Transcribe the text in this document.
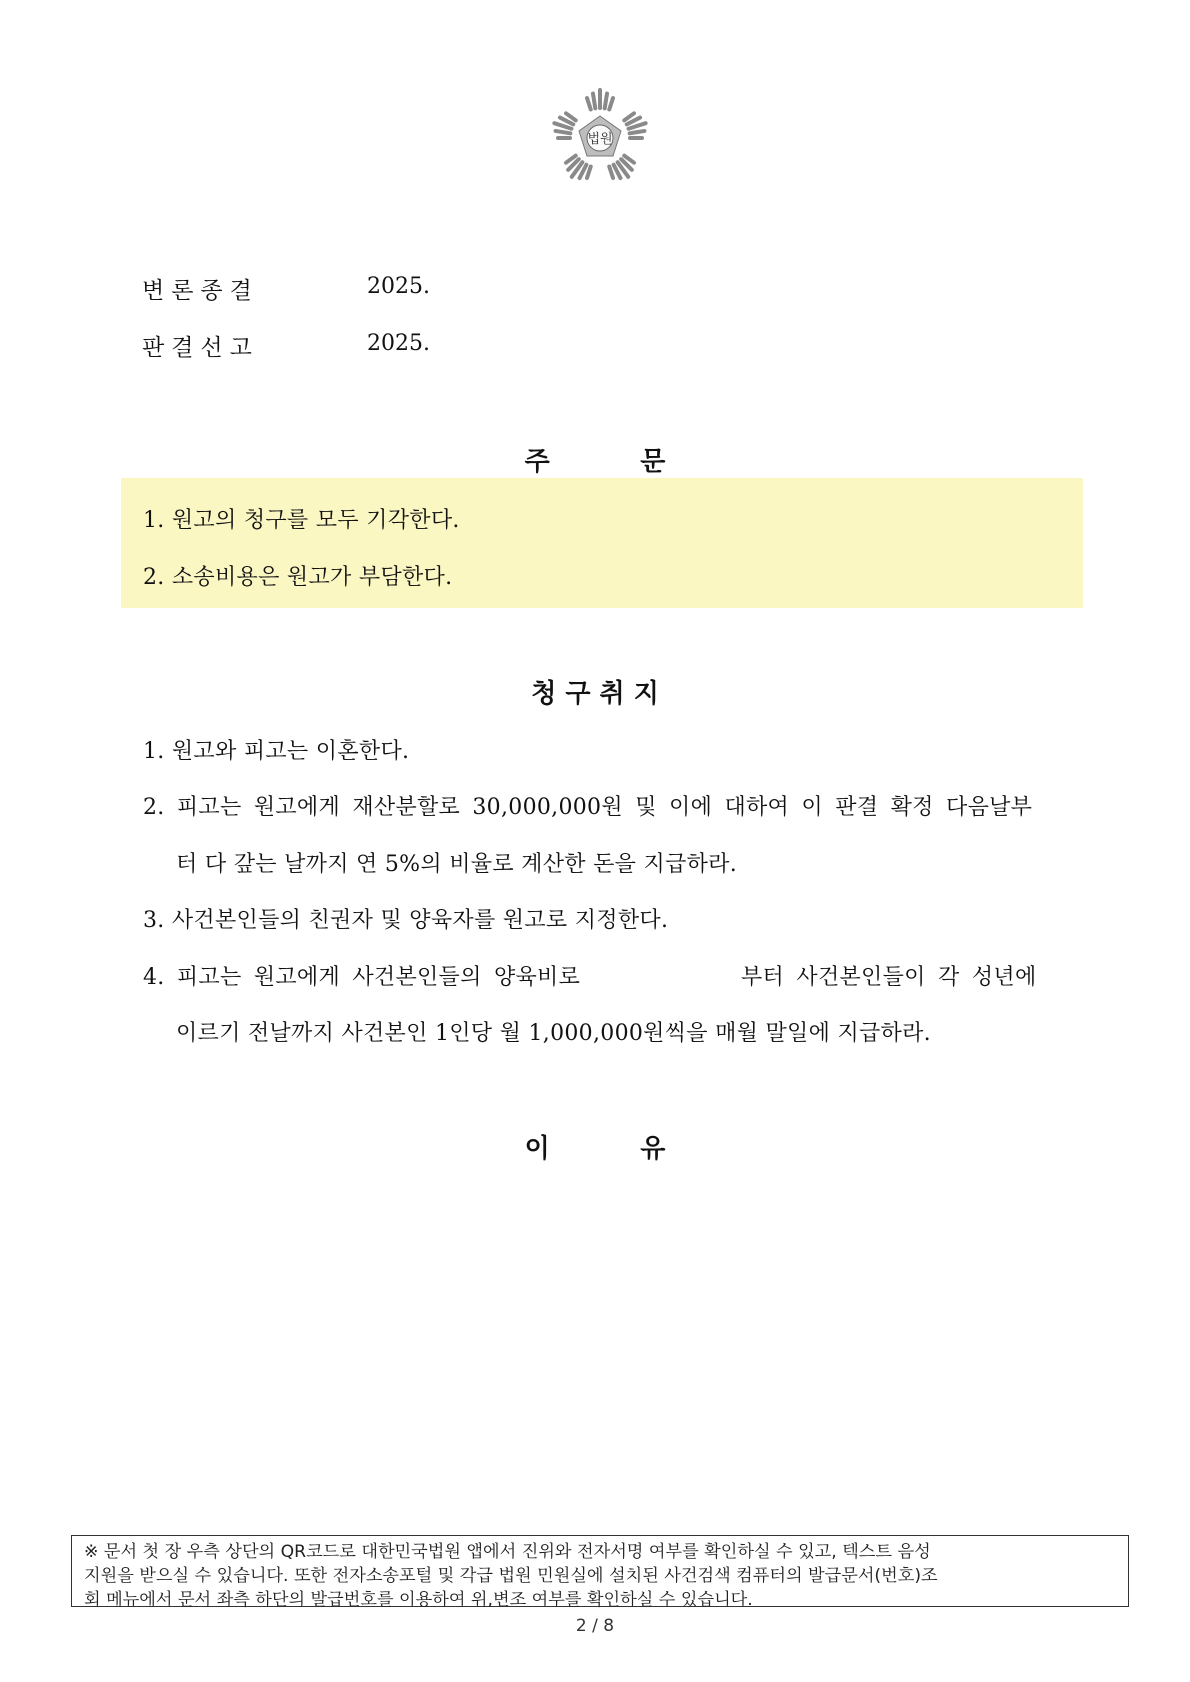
법원
변론종결	2025.
판결선고	2025.
주          문
1. 원고의 청구를 모두 기각한다.
2. 소송비용은 원고가 부담한다.
청 구 취 지
1. 원고와 피고는 이혼한다.
2. 피고는 원고에게 재산분할로 30,000,000원 및 이에 대하여 이 판결 확정 다음날부
터 다 갚는 날까지 연 5%의 비율로 계산한 돈을 지급하라.
3. 사건본인들의 친권자 및 양육자를 원고로 지정한다.
4. 피고는 원고에게 사건본인들의 양육비로	부터 사건본인들이 각 성년에
이르기 전날까지 사건본인 1인당 월 1,000,000원씩을 매월 말일에 지급하라.
이          유
※ 문서 첫 장 우측 상단의 QR코드로 대한민국법원 앱에서 진위와 전자서명 여부를 확인하실 수 있고, 텍스트 음성
지원을 받으실 수 있습니다. 또한 전자소송포털 및 각급 법원 민원실에 설치된 사건검색 컴퓨터의 발급문서(번호)조
회 메뉴에서 문서 좌측 하단의 발급번호를 이용하여 위,변조 여부를 확인하실 수 있습니다.
2 / 8
